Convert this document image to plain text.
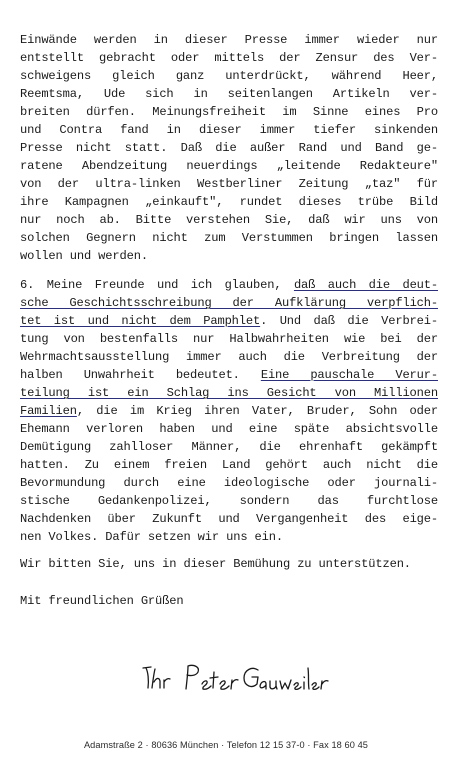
Einwände werden in dieser Presse immer wieder nur
entstellt gebracht oder mittels der Zensur des Ver-
schweigens gleich ganz unterdrückt, während Heer,
Reemtsma, Ude sich in seitenlangen Artikeln ver-
breiten dürfen. Meinungsfreiheit im Sinne eines Pro
und Contra fand in dieser immer tiefer sinkenden
Presse nicht statt. Daß die außer Rand und Band ge-
ratene Abendzeitung neuerdings „leitende Redakteure"
von der ultra-linken Westberliner Zeitung „taz" für
ihre Kampagnen „einkauft", rundet dieses trübe Bild
nur noch ab. Bitte verstehen Sie, daß wir uns von
solchen Gegnern nicht zum Verstummen bringen lassen
wollen und werden.
6. Meine Freunde und ich glauben, daß auch die deut-
sche Geschichtsschreibung der Aufklärung verpflich-
tet ist und nicht dem Pamphlet. Und daß die Verbrei-
tung von bestenfalls nur Halbwahrheiten wie bei der
Wehrmachtsausstellung immer auch die Verbreitung der
halben Unwahrheit bedeutet. Eine pauschale Verur-
teilung ist ein Schlag ins Gesicht von Millionen
Familien, die im Krieg ihren Vater, Bruder, Sohn oder
Ehemann verloren haben und eine späte absichtsvolle
Demütigung zahlloser Männer, die ehrenhaft gekämpft
hatten. Zu einem freien Land gehört auch nicht die
Bevormundung durch eine ideologische oder journali-
stische Gedankenpolizei, sondern das furchtlose
Nachdenken über Zukunft und Vergangenheit des eige-
nen Volkes. Dafür setzen wir uns ein.
Wir bitten Sie, uns in dieser Bemühung zu unterstützen.
Mit freundlichen Grüßen
Adamstraße 2 · 80636 München · Telefon 12 15 37-0 · Fax 18 60 45
